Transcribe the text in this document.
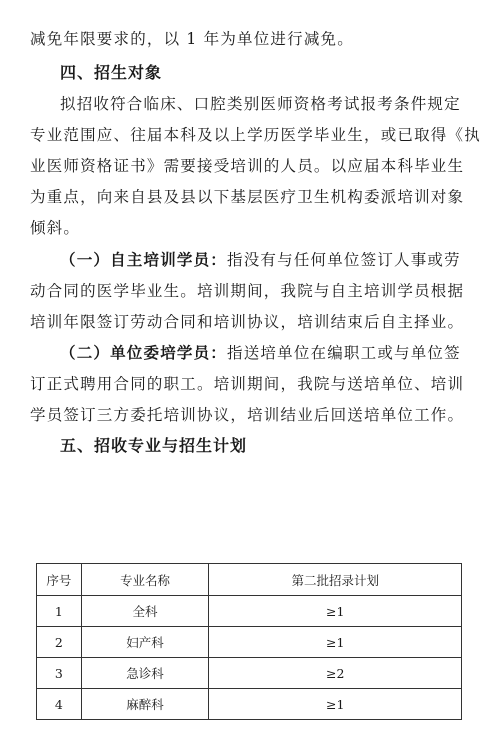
减免年限要求的，以 1 年为单位进行减免。
四、招生对象
拟招收符合临床、口腔类别医师资格考试报考条件规定
专业范围应、往届本科及以上学历医学毕业生，或已取得《执
业医师资格证书》需要接受培训的人员。以应届本科毕业生
为重点，向来自县及县以下基层医疗卫生机构委派培训对象
倾斜。
（一）自主培训学员：指没有与任何单位签订人事或劳
动合同的医学毕业生。培训期间，我院与自主培训学员根据
培训年限签订劳动合同和培训协议，培训结束后自主择业。
（二）单位委培学员：指送培单位在编职工或与单位签
订正式聘用合同的职工。培训期间，我院与送培单位、培训
学员签订三方委托培训协议，培训结业后回送培单位工作。
五、招收专业与招生计划
序号	专业名称	第二批招录计划
1	全科	≥1
2	妇产科	≥1
3	急诊科	≥2
4	麻醉科	≥1
